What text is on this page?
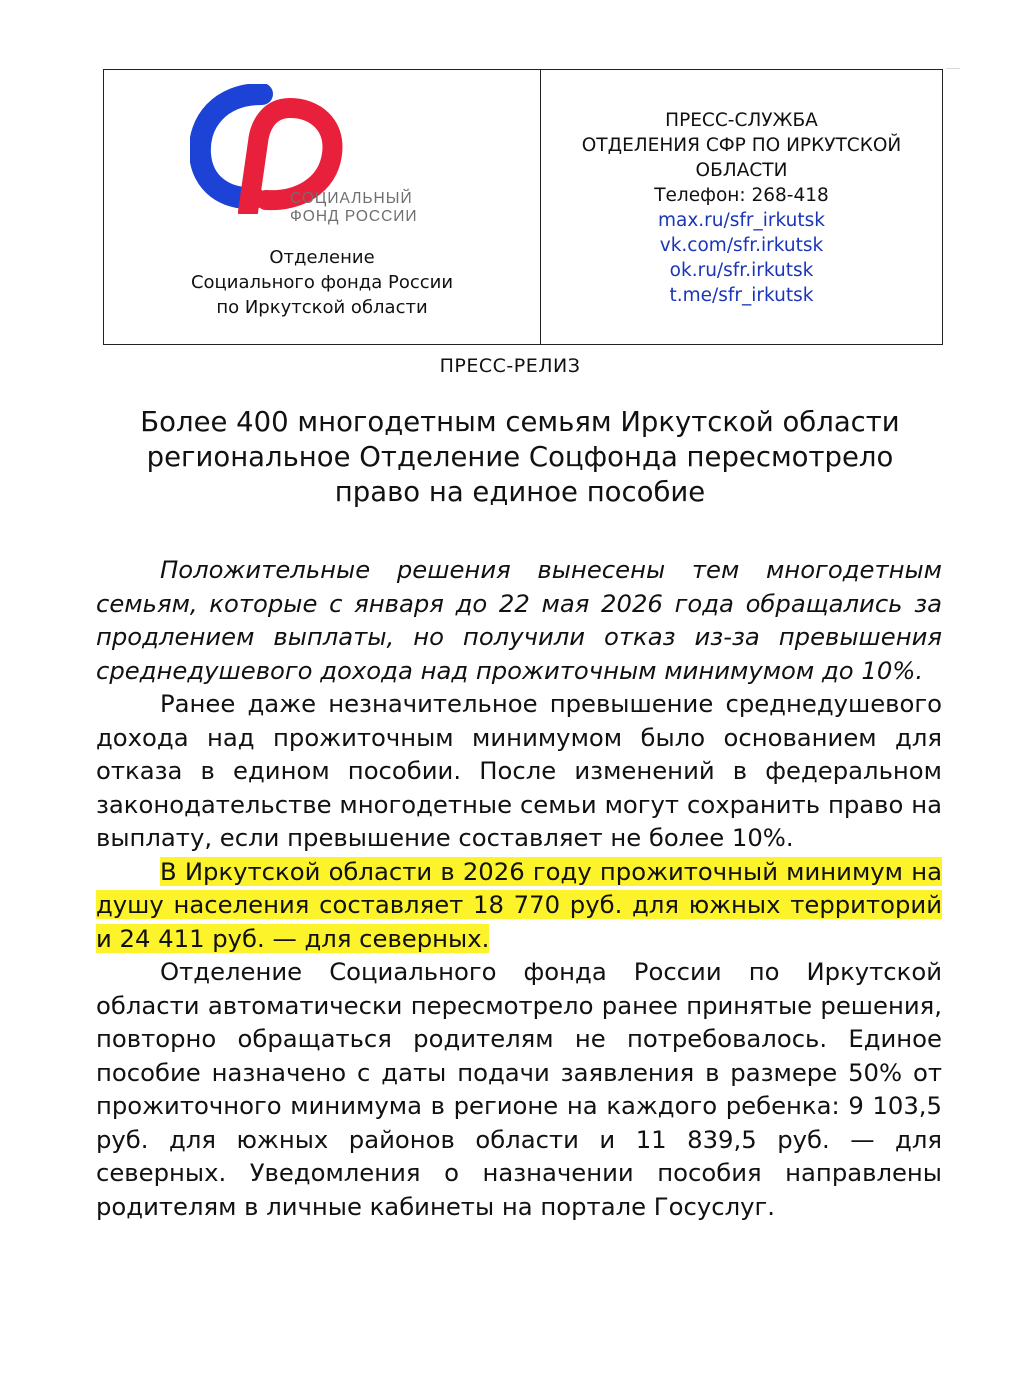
СОЦИАЛЬНЫЙ
ФОНД РОССИИ
Отделение
Социального фонда России
по Иркутской области
ПРЕСС-СЛУЖБА
ОТДЕЛЕНИЯ СФР ПО ИРКУТСКОЙ
ОБЛАСТИ
Телефон: 268-418
max.ru/sfr_irkutsk
vk.com/sfr.irkutsk
ok.ru/sfr.irkutsk
t.me/sfr_irkutsk
ПРЕСС-РЕЛИЗ
Более 400 многодетным семьям Иркутской области
региональное Отделение Соцфонда пересмотрело
право на единое пособие

Положительные решения вынесены тем многодетным семьям, которые с января до 22 мая 2026 года обращались за продлением выплаты, но получили отказ из-за превышения среднедушевого дохода над прожиточным минимумом до 10%.

Ранее даже незначительное превышение среднедушевого дохода над прожиточным минимумом было основанием для отказа в едином пособии. После изменений в федеральном законодательстве многодетные семьи могут сохранить право на выплату, если превышение составляет не более 10%.

В Иркутской области в 2026 году прожиточный минимум на душу населения составляет 18 770 руб. для южных территорий и 24 411 руб. — для северных.

Отделение Социального фонда России по Иркутской области автоматически пересмотрело ранее принятые решения, повторно обращаться родителям не потребовалось. Единое пособие назначено с даты подачи заявления в размере 50% от прожиточного минимума в регионе на каждого ребенка: 9 103,5 руб. для южных районов области и 11 839,5 руб. — для северных. Уведомления о назначении пособия направлены родителям в личные кабинеты на портале Госуслуг.
